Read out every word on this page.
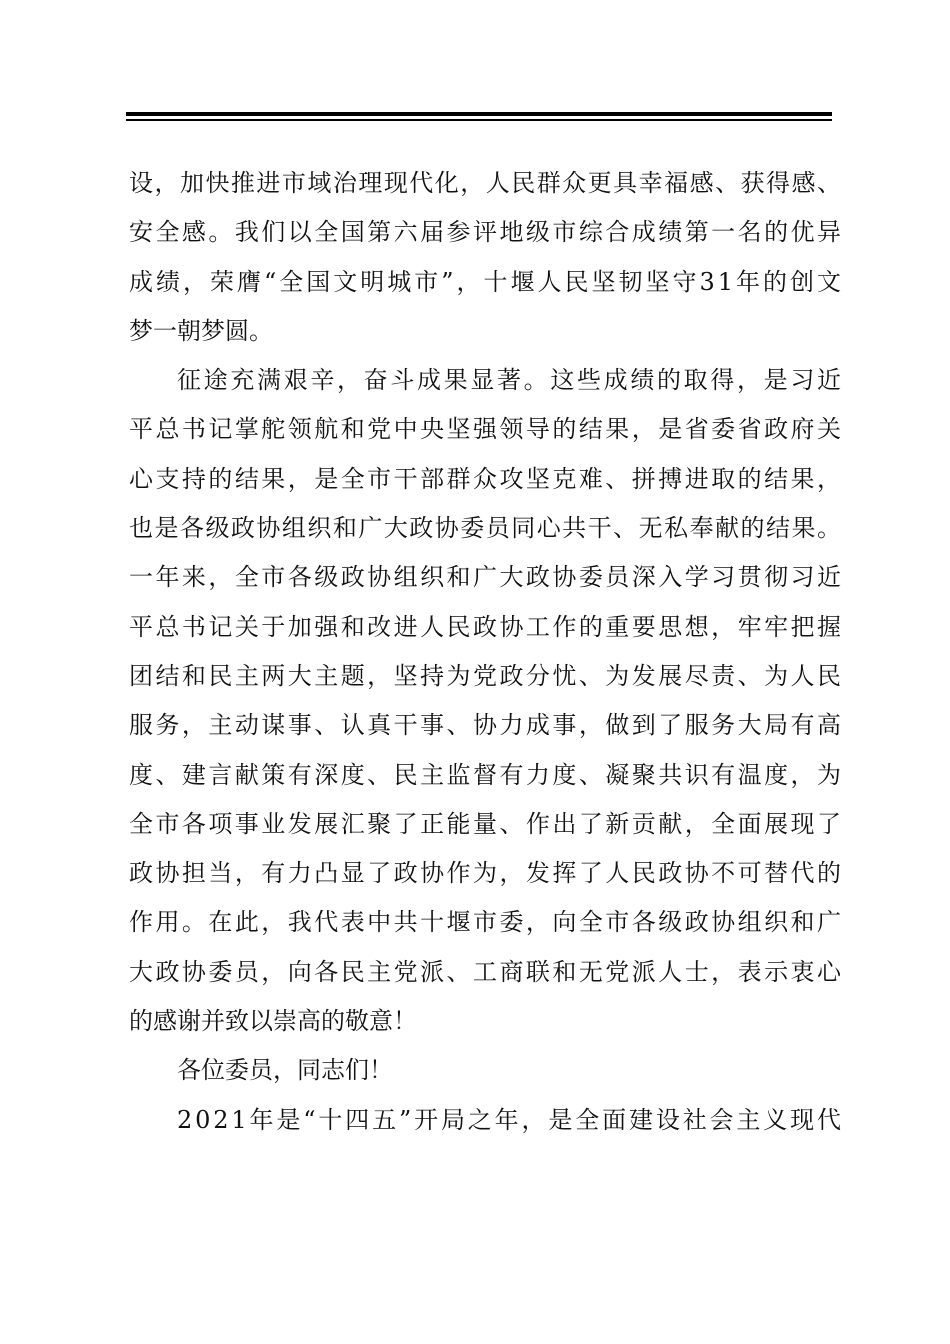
设，加快推进市域治理现代化，人民群众更具幸福感、获得感、
安全感。我们以全国第六届参评地级市综合成绩第一名的优异
成绩，荣膺“全国文明城市”，十堰人民坚韧坚守31年的创文
梦一朝梦圆。
征途充满艰辛，奋斗成果显著。这些成绩的取得，是习近
平总书记掌舵领航和党中央坚强领导的结果，是省委省政府关
心支持的结果，是全市干部群众攻坚克难、拼搏进取的结果，
也是各级政协组织和广大政协委员同心共干、无私奉献的结果。
一年来，全市各级政协组织和广大政协委员深入学习贯彻习近
平总书记关于加强和改进人民政协工作的重要思想，牢牢把握
团结和民主两大主题，坚持为党政分忧、为发展尽责、为人民
服务，主动谋事、认真干事、协力成事，做到了服务大局有高
度、建言献策有深度、民主监督有力度、凝聚共识有温度，为
全市各项事业发展汇聚了正能量、作出了新贡献，全面展现了
政协担当，有力凸显了政协作为，发挥了人民政协不可替代的
作用。在此，我代表中共十堰市委，向全市各级政协组织和广
大政协委员，向各民主党派、工商联和无党派人士，表示衷心
的感谢并致以崇高的敬意！
各位委员，同志们！
2021年是“十四五”开局之年，是全面建设社会主义现代
